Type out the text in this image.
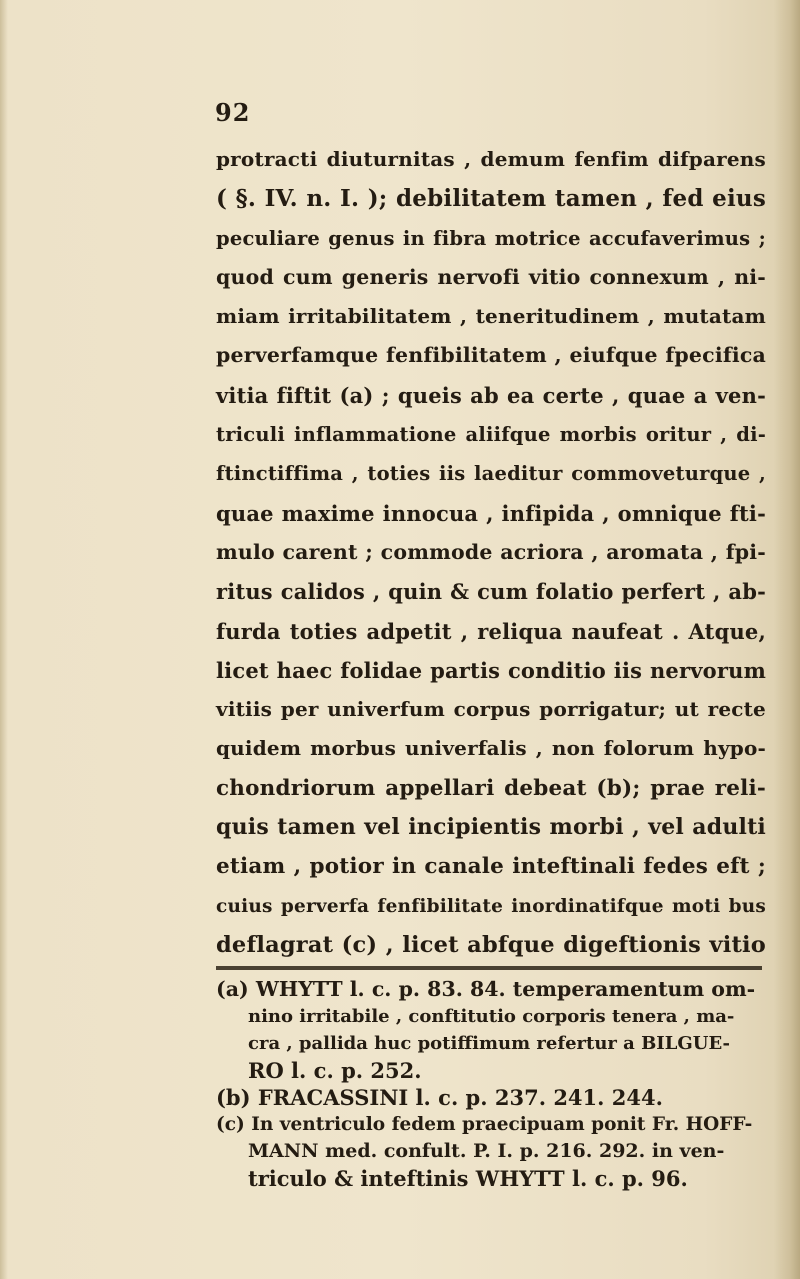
92
protracti diuturnitas , demum fenfim difparens
( §. IV. n. I. ); debilitatem tamen , fed eius
peculiare genus in fibra motrice accufaverimus ;
quod cum generis nervofi vitio connexum , ni-
miam irritabilitatem , teneritudinem , mutatam
perverfamque fenfibilitatem , eiufque fpecifica
vitia fiftit (a) ; queis ab ea certe , quae a ven-
triculi inflammatione aliifque morbis oritur , di-
ftinctiffima , toties iis laeditur commoveturque ,
quae maxime innocua , infipida , omnique fti-
mulo carent ; commode acriora , aromata , fpi-
ritus calidos , quin & cum folatio perfert , ab-
furda toties adpetit , reliqua naufeat . Atque,
licet haec folidae partis conditio iis nervorum
vitiis per univerfum corpus porrigatur; ut recte
quidem morbus univerfalis , non folorum hypo-
chondriorum appellari debeat (b); prae reli-
quis tamen vel incipientis morbi , vel adulti
etiam , potior in canale inteftinali fedes eft ;
cuius perverfa fenfibilitate inordinatifque moti bus
deflagrat (c) , licet abfque digeftionis vitio
(a) WHYTT l. c. p. 83. 84. temperamentum om-
nino irritabile , conftitutio corporis tenera , ma-
cra , pallida huc potiffimum refertur a BILGUE-
RO l. c. p. 252.
(b) FRACASSINI l. c. p. 237. 241. 244.
(c) In ventriculo fedem praecipuam ponit Fr. HOFF-
MANN med. confult. P. I. p. 216. 292. in ven-
triculo & inteftinis WHYTT l. c. p. 96.
